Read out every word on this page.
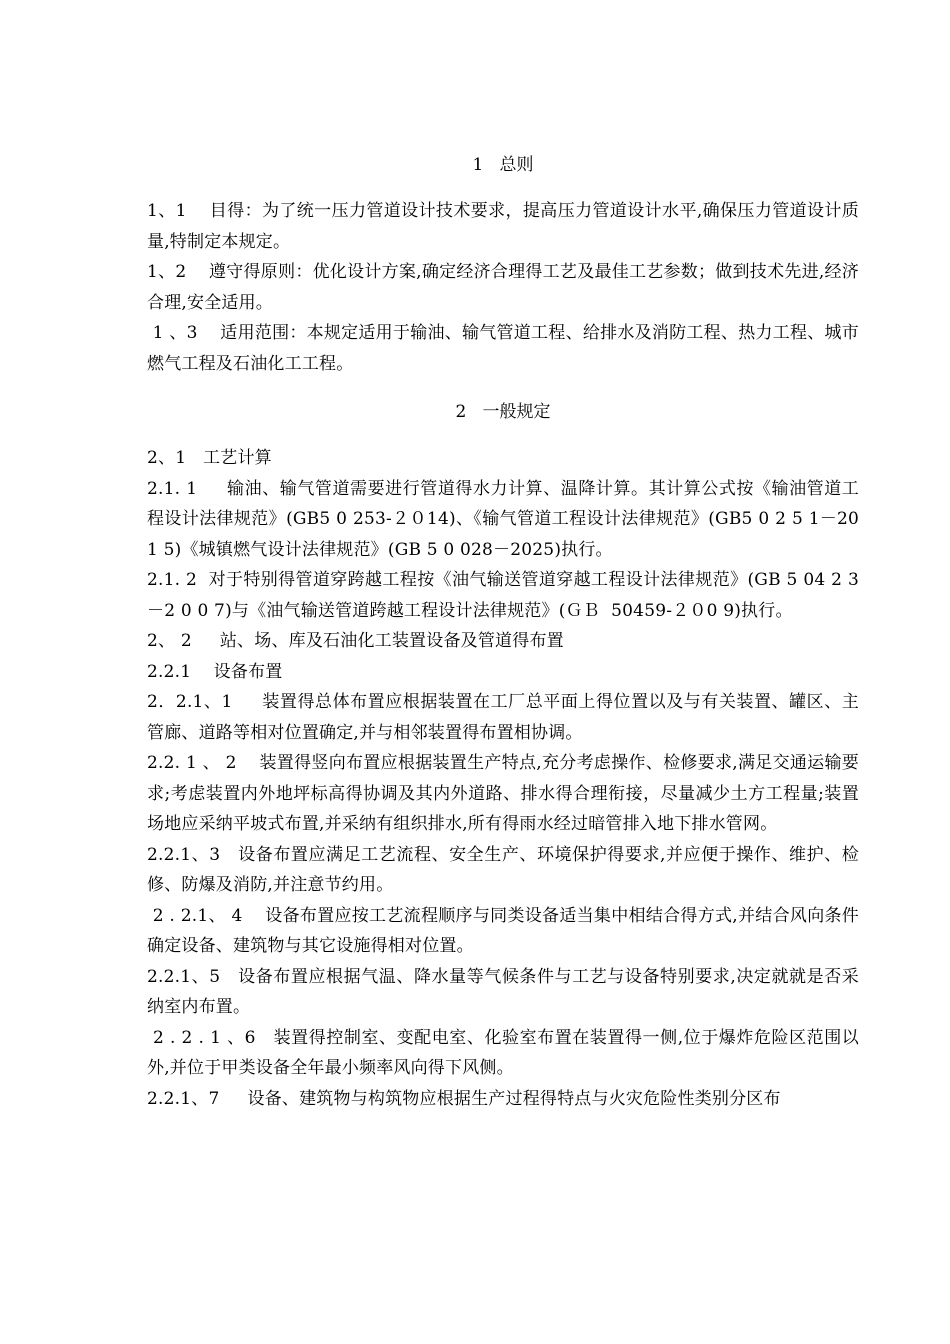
1   总则

1、1    目得：为了统一压力管道设计技术要求，提高压力管道设计水平,确保压力管道设计质量,特制定本规定。

1、2    遵守得原则：优化设计方案,确定经济合理得工艺及最佳工艺参数；做到技术先进,经济合理,安全适用。

1 、3    适用范围：本规定适用于输油、输气管道工程、给排水及消防工程、热力工程、城市燃气工程及石油化工工程。

2   一般规定

2、1   工艺计算

2.1. 1     输油、输气管道需要进行管道得水力计算、温降计算。其计算公式按《输油管道工程设计法律规范》(GB5 0 253-２０14)、《输气管道工程设计法律规范》(GB5 0 2 5 1－20 1 5)《城镇燃气设计法律规范》(GB 5 0 028－2025)执行。

2.1. 2  对于特别得管道穿跨越工程按《油气输送管道穿越工程设计法律规范》(GB 5 04 2 3－2 0 0 7)与《油气输送管道跨越工程设计法律规范》(ＧＢ  50459-２０0 9)执行。

2、 2     站、场、库及石油化工装置设备及管道得布置

2.2.1    设备布置

2．2.1、1     装置得总体布置应根据装置在工厂总平面上得位置以及与有关装置、罐区、主管廊、道路等相对位置确定,并与相邻装置得布置相协调。

2.2. 1 、 2    装置得竖向布置应根据装置生产特点,充分考虑操作、检修要求,满足交通运输要求;考虑装置内外地坪标高得协调及其内外道路、排水得合理衔接，尽量减少土方工程量;装置场地应采纳平坡式布置,并采纳有组织排水,所有得雨水经过暗管排入地下排水管网。

2.2.1、3   设备布置应满足工艺流程、安全生产、环境保护得要求,并应便于操作、维护、检修、防爆及消防,并注意节约用。

2 . 2.1、 4    设备布置应按工艺流程顺序与同类设备适当集中相结合得方式,并结合风向条件确定设备、建筑物与其它设施得相对位置。

2.2.1、5   设备布置应根据气温、降水量等气候条件与工艺与设备特别要求,决定就就是否采纳室内布置。

2 . 2 . 1 、6   装置得控制室、变配电室、化验室布置在装置得一侧,位于爆炸危险区范围以外,并位于甲类设备全年最小频率风向得下风侧。

2.2.1、7     设备、建筑物与构筑物应根据生产过程得特点与火灾危险性类别分区布
